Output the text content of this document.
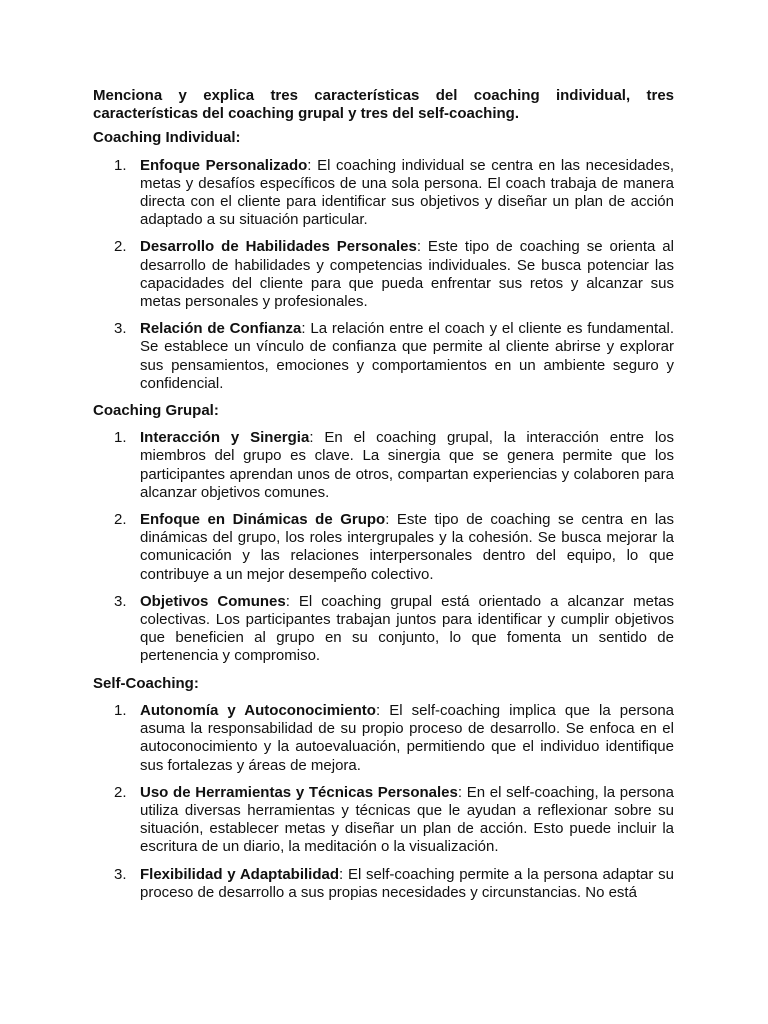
Menciona y explica tres características del coaching individual, tres características del coaching grupal y tres del self-coaching.

Coaching Individual:
1. Enfoque Personalizado: El coaching individual se centra en las necesidades, metas y desafíos específicos de una sola persona. El coach trabaja de manera directa con el cliente para identificar sus objetivos y diseñar un plan de acción adaptado a su situación particular.
2. Desarrollo de Habilidades Personales: Este tipo de coaching se orienta al desarrollo de habilidades y competencias individuales. Se busca potenciar las capacidades del cliente para que pueda enfrentar sus retos y alcanzar sus metas personales y profesionales.
3. Relación de Confianza: La relación entre el coach y el cliente es fundamental. Se establece un vínculo de confianza que permite al cliente abrirse y explorar sus pensamientos, emociones y comportamientos en un ambiente seguro y confidencial.
Coaching Grupal:
1. Interacción y Sinergia: En el coaching grupal, la interacción entre los miembros del grupo es clave. La sinergia que se genera permite que los participantes aprendan unos de otros, compartan experiencias y colaboren para alcanzar objetivos comunes.
2. Enfoque en Dinámicas de Grupo: Este tipo de coaching se centra en las dinámicas del grupo, los roles intergrupales y la cohesión. Se busca mejorar la comunicación y las relaciones interpersonales dentro del equipo, lo que contribuye a un mejor desempeño colectivo.
3. Objetivos Comunes: El coaching grupal está orientado a alcanzar metas colectivas. Los participantes trabajan juntos para identificar y cumplir objetivos que beneficien al grupo en su conjunto, lo que fomenta un sentido de pertenencia y compromiso.
Self-Coaching:
1. Autonomía y Autoconocimiento: El self-coaching implica que la persona asuma la responsabilidad de su propio proceso de desarrollo. Se enfoca en el autoconocimiento y la autoevaluación, permitiendo que el individuo identifique sus fortalezas y áreas de mejora.
2. Uso de Herramientas y Técnicas Personales: En el self-coaching, la persona utiliza diversas herramientas y técnicas que le ayudan a reflexionar sobre su situación, establecer metas y diseñar un plan de acción. Esto puede incluir la escritura de un diario, la meditación o la visualización.
3. Flexibilidad y Adaptabilidad: El self-coaching permite a la persona adaptar su proceso de desarrollo a sus propias necesidades y circunstancias. No está
